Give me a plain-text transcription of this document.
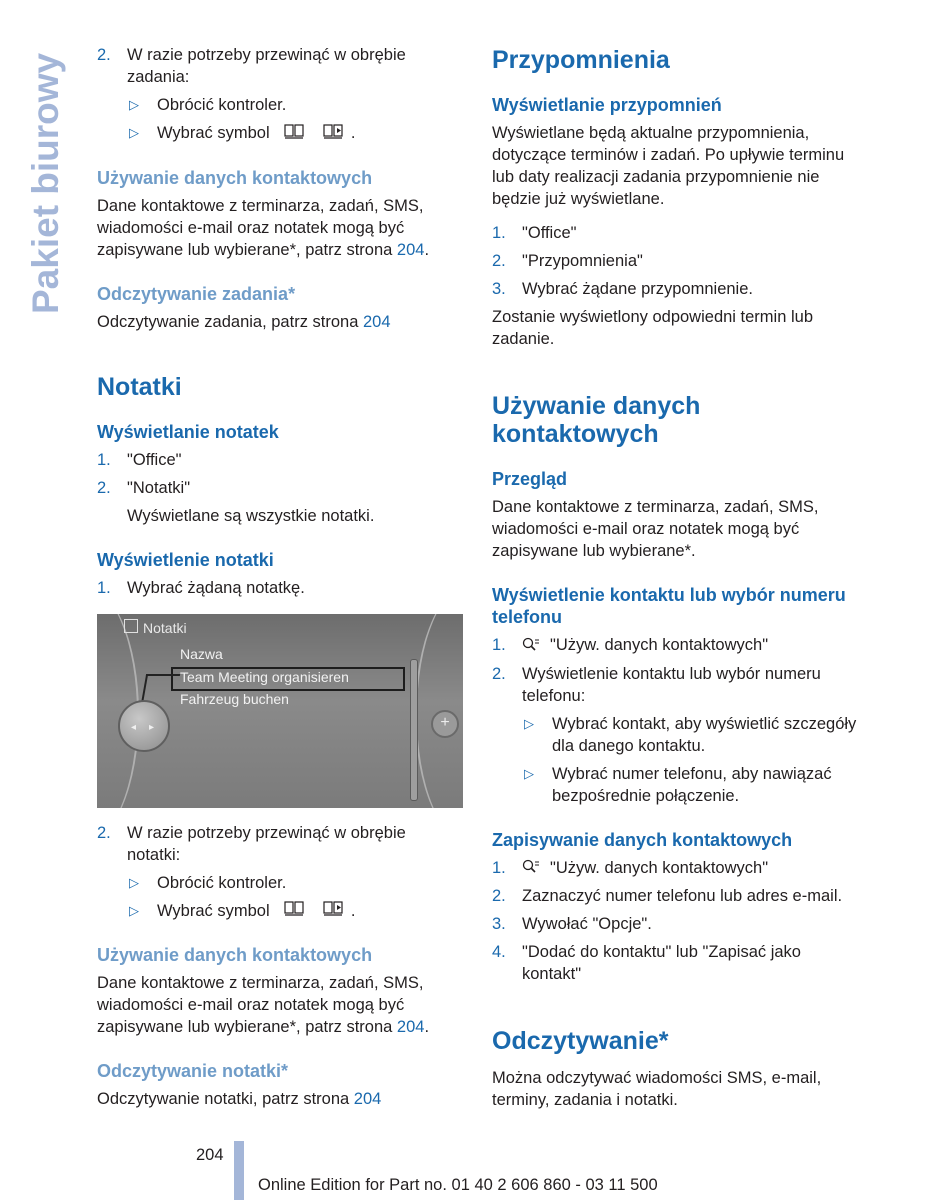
Pakiet biurowy 2. W razie potrzeby przewinąć w obrębie zadania:
▷ Obrócić kontroler.
▷ Wybrać symbol	.
Używanie danych kontaktowych

Dane kontaktowe z terminarza, zadań, SMS, wiadomości e-mail oraz notatek mogą być zapisywane lub wybierane*, patrz strona 204.

Odczytywanie zadania*

Odczytywanie zadania, patrz strona 204

Notatki
Wyświetlanie notatek
1. "Office"
2. "Notatki"

Wyświetlane są wszystkie notatki.

Wyświetlenie notatki
1. Wybrać żądaną notatkę.
Notatki
Nazwa
Team Meeting organisieren
Fahrzeug buchen
◂ ▸	+
2. W razie potrzeby przewinąć w obrębie notatki:
▷ Obrócić kontroler.
▷ Wybrać symbol	.
Używanie danych kontaktowych

Dane kontaktowe z terminarza, zadań, SMS, wiadomości e-mail oraz notatek mogą być zapisywane lub wybierane*, patrz strona 204.

Odczytywanie notatki*

Odczytywanie notatki, patrz strona 204

Przypomnienia
Wyświetlanie przypomnień

Wyświetlane będą aktualne przypomnienia, dotyczące terminów i zadań. Po upływie terminu lub daty realizacji zadania przypomnienie nie będzie już wyświetlane.

1. "Office"
2. "Przypomnienia"
3. Wybrać żądane przypomnienie.

Zostanie wyświetlony odpowiedni termin lub zadanie.

Używanie danych
kontaktowych
Przegląd

Dane kontaktowe z terminarza, zadań, SMS, wiadomości e-mail oraz notatek mogą być zapisywane lub wybierane*.

Wyświetlenie kontaktu lub wybór numeru telefonu
1.	"Używ. danych kontaktowych"
2. Wyświetlenie kontaktu lub wybór numeru telefonu:
▷ Wybrać kontakt, aby wyświetlić szczegóły dla danego kontaktu.
▷ Wybrać numer telefonu, aby nawiązać bezpośrednie połączenie.
Zapisywanie danych kontaktowych
1.	"Używ. danych kontaktowych"
2. Zaznaczyć numer telefonu lub adres e-mail.
3. Wywołać "Opcje".
4. "Dodać do kontaktu" lub "Zapisać jako kontakt"
Odczytywanie*

Można odczytywać wiadomości SMS, e-mail, terminy, zadania i notatki.

204
Online Edition for Part no. 01 40 2 606 860 - 03 11 500
